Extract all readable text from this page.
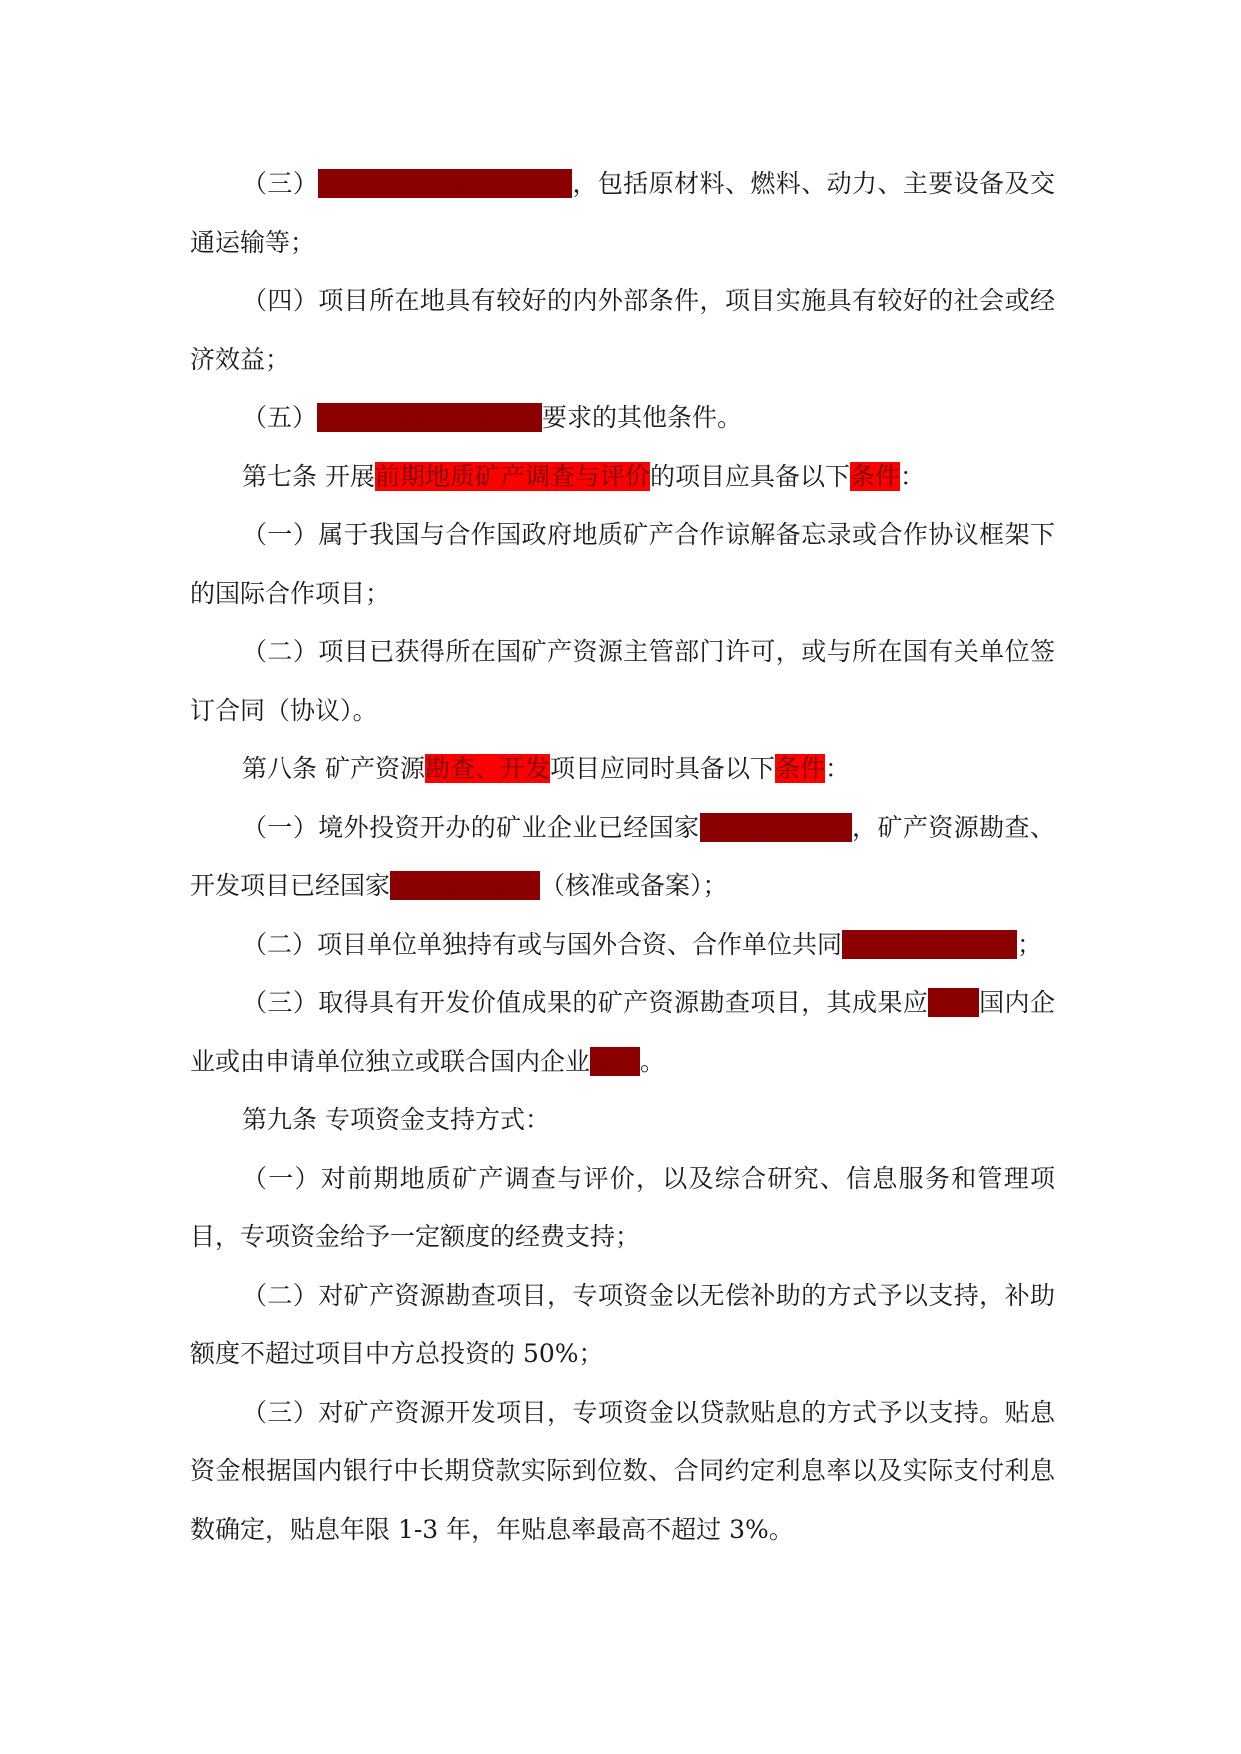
（三）项目实施具备保障条件，包括原材料、燃料、动力、主要设备及交通运输等；

（四）项目所在地具有较好的内外部条件，项目实施具有较好的社会或经济效益；

（五）财政部和国土资源部要求的其他条件。

第七条 开展前期地质矿产调查与评价的项目应具备以下条件：

（一）属于我国与合作国政府地质矿产合作谅解备忘录或合作协议框架下的国际合作项目；

（二）项目已获得所在国矿产资源主管部门许可，或与所在国有关单位签订合同（协议）。

第八条 矿产资源勘查、开发项目应同时具备以下条件：

（一）境外投资开办的矿业企业已经国家有关部门核准，矿产资源勘查、开发项目已经国家有关部门批准（核准或备案）；

（二）项目单位单独持有或与国外合资、合作单位共同持有项目矿业权；

（三）取得具有开发价值成果的矿产资源勘查项目，其成果应转让国内企业或由申请单位独立或联合国内企业开发。

第九条 专项资金支持方式：

（一）对前期地质矿产调查与评价，以及综合研究、信息服务和管理项目，专项资金给予一定额度的经费支持；

（二）对矿产资源勘查项目，专项资金以无偿补助的方式予以支持，补助额度不超过项目中方总投资的 50%；

（三）对矿产资源开发项目，专项资金以贷款贴息的方式予以支持。贴息资金根据国内银行中长期贷款实际到位数、合同约定利息率以及实际支付利息数确定，贴息年限 1-3 年，年贴息率最高不超过 3%。
